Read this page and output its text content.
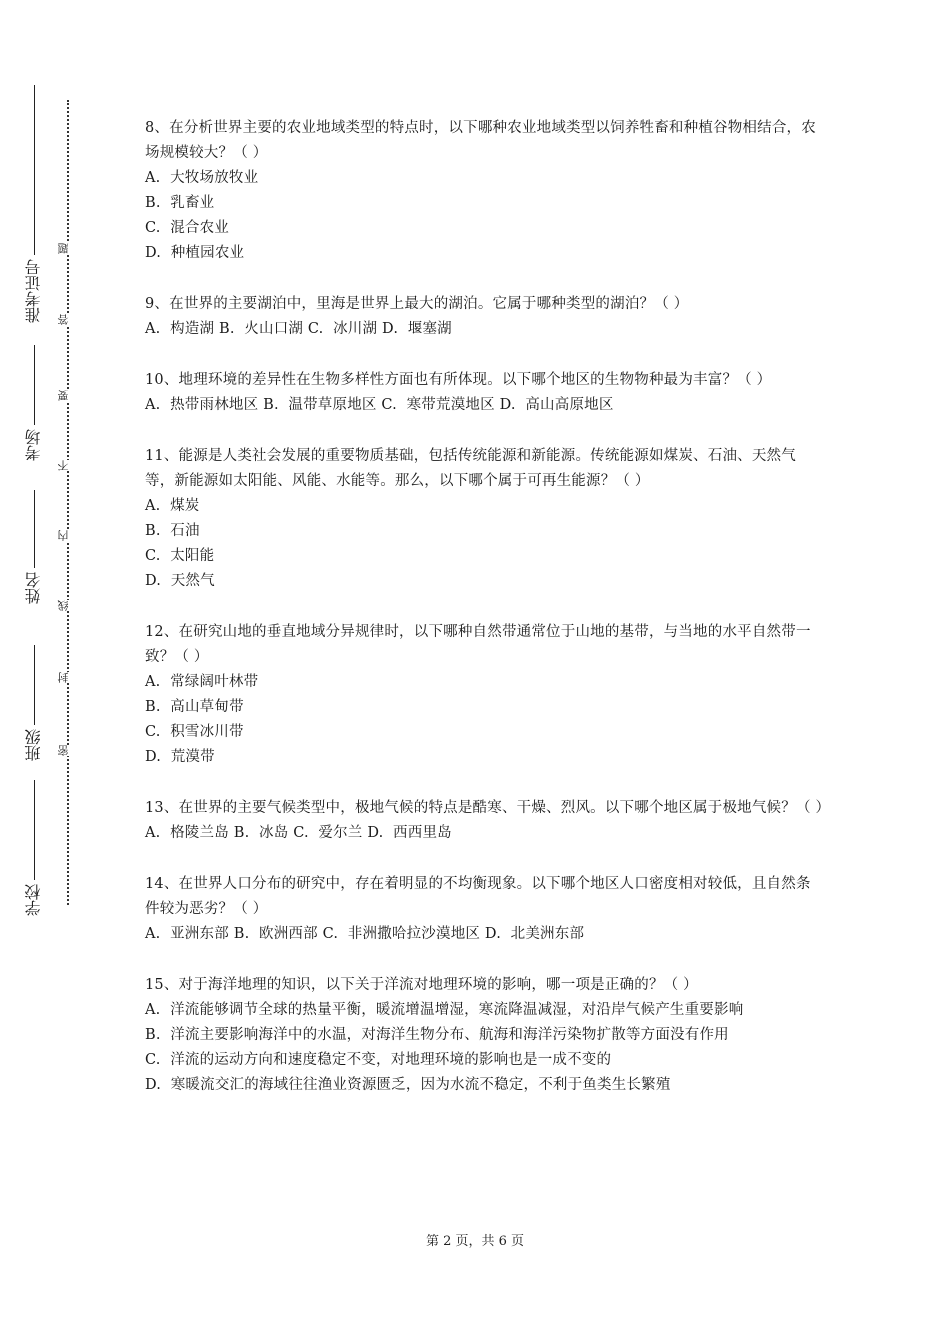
准考证号
考场
姓名
班级
学校
题
答
要
不
内
线
封
密

8、在分析世界主要的农业地域类型的特点时，以下哪种农业地域类型以饲养牲畜和种植谷物相结合，农场规模较大？（ ）

A.  大牧场放牧业

B.  乳畜业

C.  混合农业

D.  种植园农业

9、在世界的主要湖泊中，里海是世界上最大的湖泊。它属于哪种类型的湖泊？（ ）

A.  构造湖 B.  火山口湖 C.  冰川湖 D.  堰塞湖

10、地理环境的差异性在生物多样性方面也有所体现。以下哪个地区的生物物种最为丰富？（ ）

A.  热带雨林地区 B.  温带草原地区 C.  寒带荒漠地区 D.  高山高原地区

11、能源是人类社会发展的重要物质基础，包括传统能源和新能源。传统能源如煤炭、石油、天然气等，新能源如太阳能、风能、水能等。那么，以下哪个属于可再生能源？（ ）

A.  煤炭

B.  石油

C.  太阳能

D.  天然气

12、在研究山地的垂直地域分异规律时，以下哪种自然带通常位于山地的基带，与当地的水平自然带一致？（ ）

A.  常绿阔叶林带

B.  高山草甸带

C.  积雪冰川带

D.  荒漠带

13、在世界的主要气候类型中，极地气候的特点是酷寒、干燥、烈风。以下哪个地区属于极地气候？（ ）

A.  格陵兰岛 B.  冰岛 C.  爱尔兰 D.  西西里岛

14、在世界人口分布的研究中，存在着明显的不均衡现象。以下哪个地区人口密度相对较低，且自然条件较为恶劣？（ ）

A.  亚洲东部 B.  欧洲西部 C.  非洲撒哈拉沙漠地区 D.  北美洲东部

15、对于海洋地理的知识，以下关于洋流对地理环境的影响，哪一项是正确的？（ ）

A.  洋流能够调节全球的热量平衡，暖流增温增湿，寒流降温减湿，对沿岸气候产生重要影响

B.  洋流主要影响海洋中的水温，对海洋生物分布、航海和海洋污染物扩散等方面没有作用

C.  洋流的运动方向和速度稳定不变，对地理环境的影响也是一成不变的

D.  寒暖流交汇的海域往往渔业资源匮乏，因为水流不稳定，不利于鱼类生长繁殖

第 2 页，共 6 页
